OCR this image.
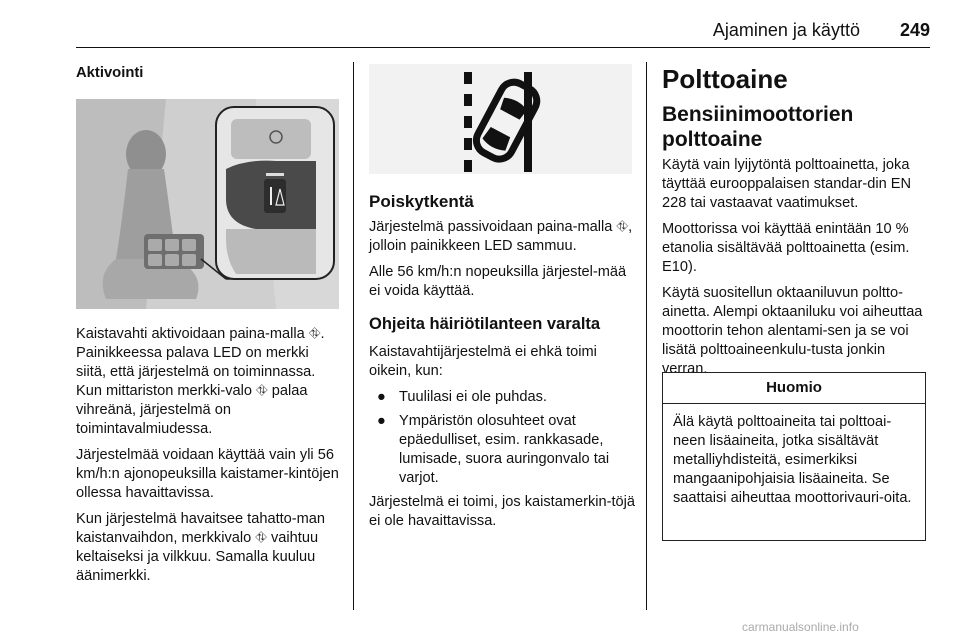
Ajaminen ja käyttö 249
Aktivointi

Kaistavahti aktivoidaan paina-malla ⛗. Painikkeessa palava LED on merkki siitä, että järjestelmä on toiminnassa. Kun mittariston merkki-valo ⛗ palaa vihreänä, järjestelmä on toimintavalmiudessa.

Järjestelmää voidaan käyttää vain yli 56 km/h:n ajonopeuksilla kaistamer-kintöjen ollessa havaittavissa.

Kun järjestelmä havaitsee tahatto-man kaistanvaihdon, merkkivalo ⛗ vaihtuu keltaiseksi ja vilkkuu. Samalla kuuluu äänimerkki.

Poiskytkentä

Järjestelmä passivoidaan paina-malla ⛗, jolloin painikkeen LED sammuu.

Alle 56 km/h:n nopeuksilla järjestel-mää ei voida käyttää.

Ohjeita häiriötilanteen varalta

Kaistavahtijärjestelmä ei ehkä toimi oikein, kun:

● Tuulilasi ei ole puhdas.
● Ympäristön olosuhteet ovat epäedulliset, esim. rankkasade, lumisade, suora auringonvalo tai varjot.

Järjestelmä ei toimi, jos kaistamerkin-töjä ei ole havaittavissa.

Polttoaine
Bensiinimoottorien polttoaine

Käytä vain lyijytöntä polttoainetta, joka täyttää eurooppalaisen standar-din EN 228 tai vastaavat vaatimukset.

Moottorissa voi käyttää enintään 10 % etanolia sisältävää polttoainetta (esim. E10).

Käytä suositellun oktaaniluvun poltto-ainetta. Alempi oktaaniluku voi aiheuttaa moottorin tehon alentami-sen ja se voi lisätä polttoaineenkulu-tusta jonkin verran.

Huomio
Älä käytä polttoaineita tai polttoai-neen lisäaineita, jotka sisältävät metalliyhdisteitä, esimerkiksi mangaanipohjaisia lisäaineita. Se saattaisi aiheuttaa moottorivauri-oita.
carmanualsonline.info
